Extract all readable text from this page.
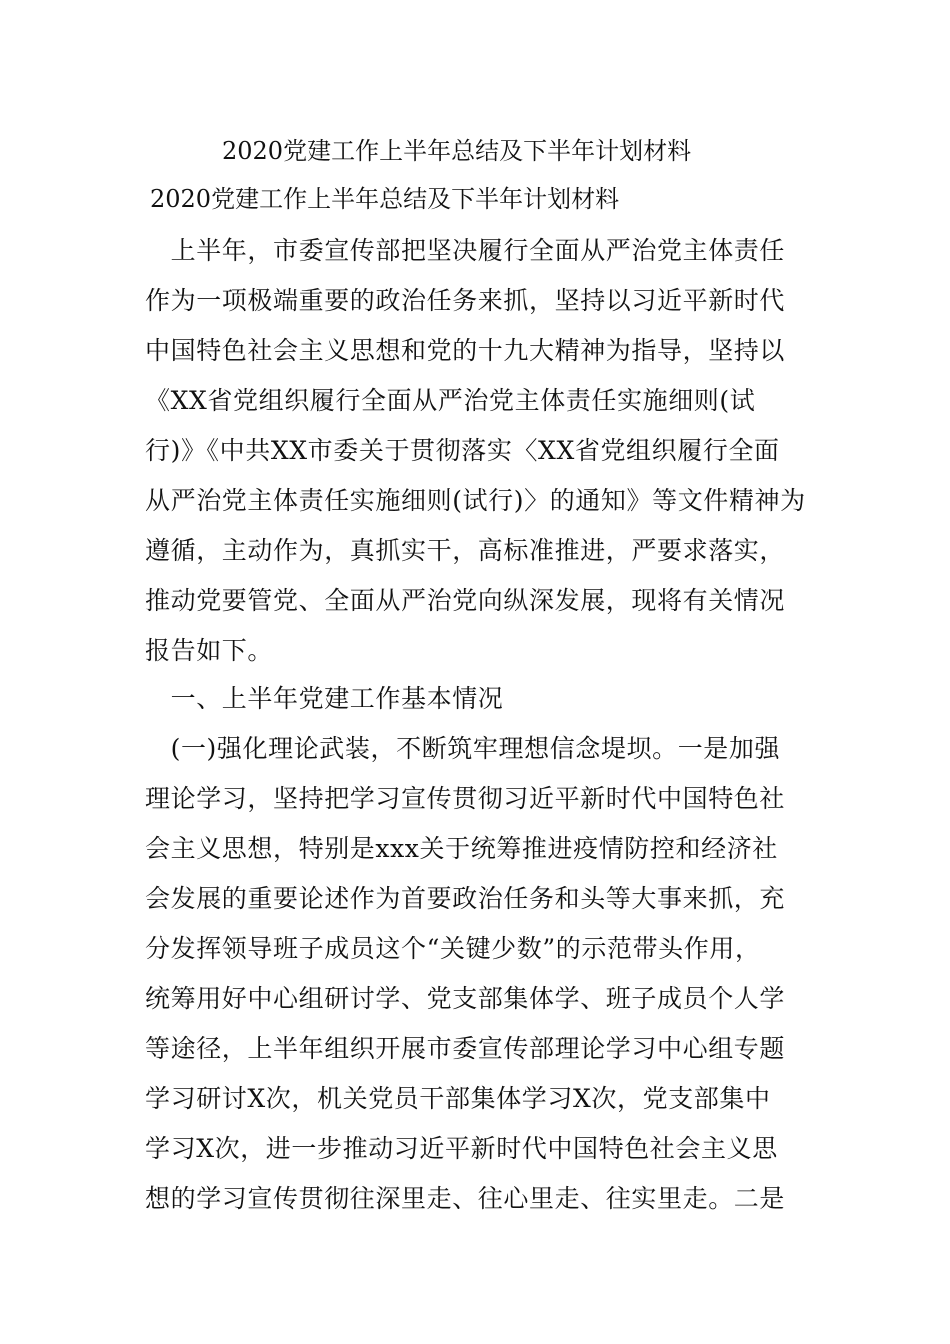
2020党建工作上半年总结及下半年计划材料
2020党建工作上半年总结及下半年计划材料
　上半年，市委宣传部把坚决履行全面从严治党主体责任
作为一项极端重要的政治任务来抓，坚持以习近平新时代
中国特色社会主义思想和党的十九大精神为指导，坚持以
《XX省党组织履行全面从严治党主体责任实施细则(试
行)》《中共XX市委关于贯彻落实〈XX省党组织履行全面
从严治党主体责任实施细则(试行)〉的通知》等文件精神为
遵循，主动作为，真抓实干，高标准推进，严要求落实，
推动党要管党、全面从严治党向纵深发展，现将有关情况
报告如下。
　一、上半年党建工作基本情况
　(一)强化理论武装，不断筑牢理想信念堤坝。一是加强
理论学习，坚持把学习宣传贯彻习近平新时代中国特色社
会主义思想，特别是xxx关于统筹推进疫情防控和经济社
会发展的重要论述作为首要政治任务和头等大事来抓，充
分发挥领导班子成员这个“关键少数”的示范带头作用，
统筹用好中心组研讨学、党支部集体学、班子成员个人学
等途径，上半年组织开展市委宣传部理论学习中心组专题
学习研讨X次，机关党员干部集体学习X次，党支部集中
学习X次，进一步推动习近平新时代中国特色社会主义思
想的学习宣传贯彻往深里走、往心里走、往实里走。二是
